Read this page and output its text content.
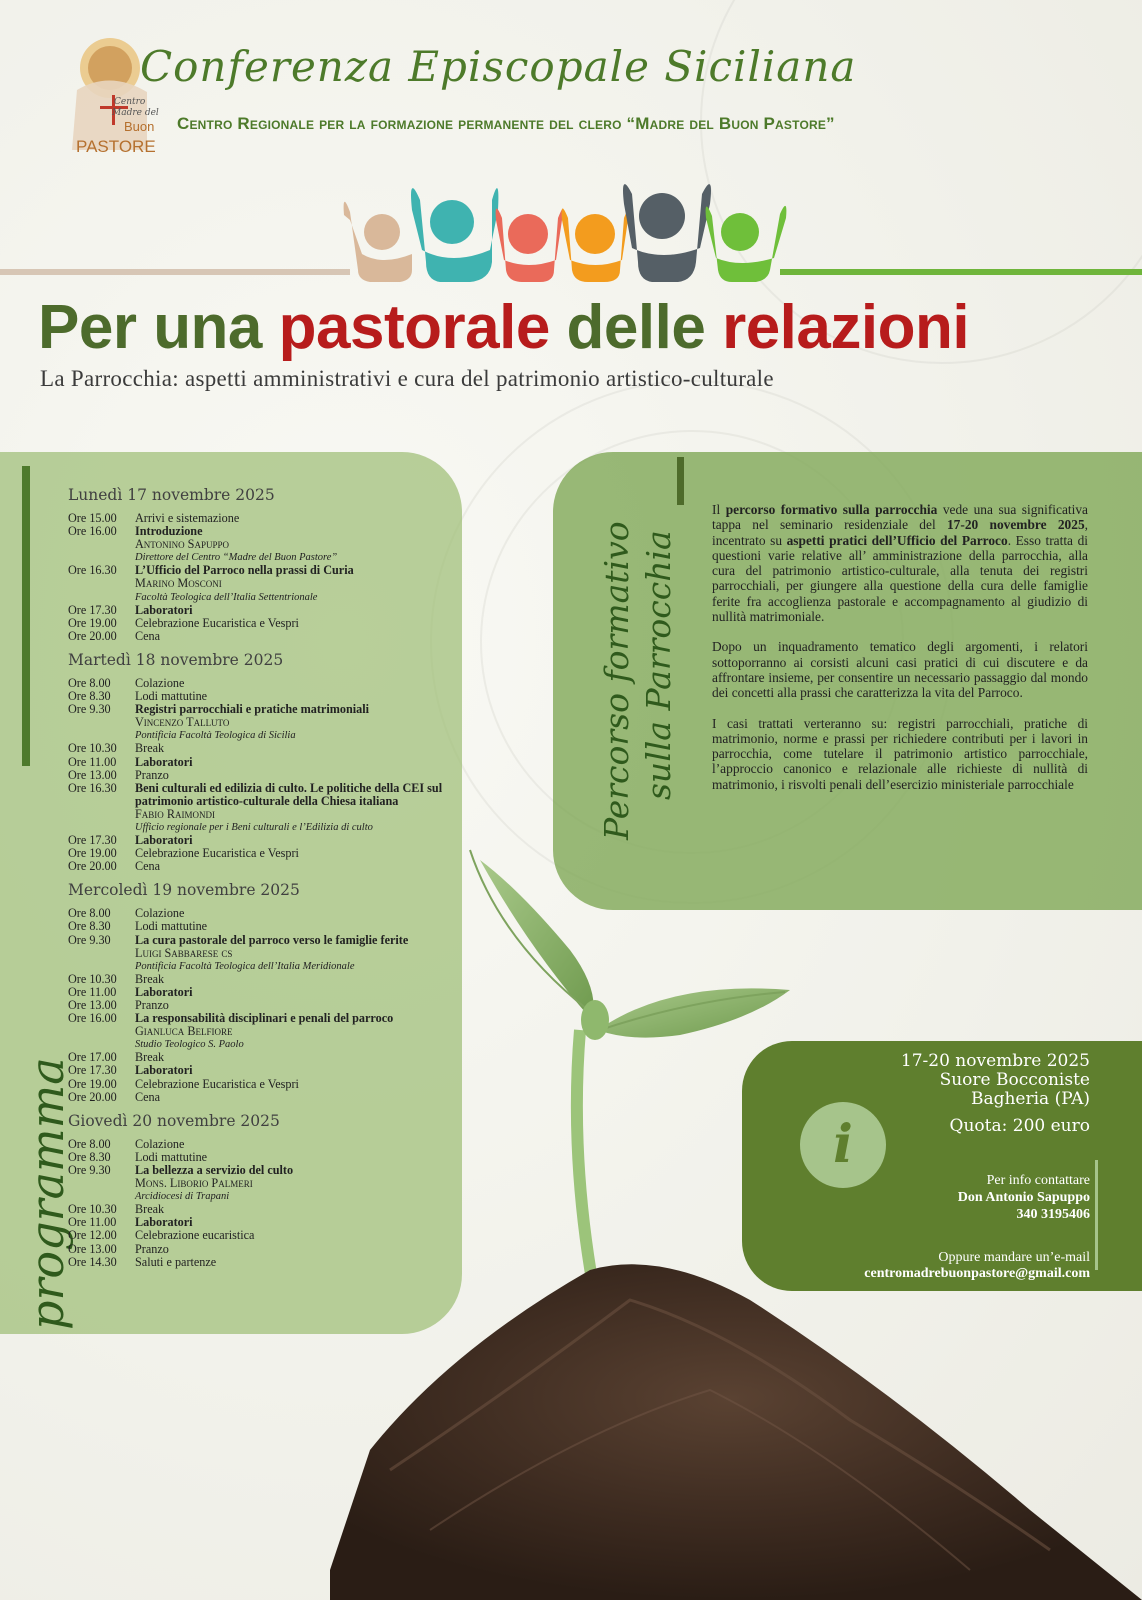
Centro
Madre del
Buon
PASTORE
Conferenza Episcopale Siciliana
Centro Regionale per la formazione permanente del clero “Madre del Buon Pastore”
Per una pastorale delle relazioni
La Parrocchia: aspetti amministrativi e cura del patrimonio artistico-culturale
programma
Lunedì 17 novembre 2025
Ore 15.00	Arrivi e sistemazione
Ore 16.00	Introduzione
Antonino Sapuppo
Direttore del Centro “Madre del Buon Pastore”
Ore 16.30	L’Ufficio del Parroco nella prassi di Curia
Marino Mosconi
Facoltà Teologica dell’Italia Settentrionale
Ore 17.30	Laboratori
Ore 19.00	Celebrazione Eucaristica e Vespri
Ore 20.00	Cena
Martedì 18 novembre 2025
Ore 8.00	Colazione
Ore 8.30	Lodi mattutine
Ore 9.30	Registri parrocchiali e pratiche matrimoniali
Vincenzo Talluto
Pontificia Facoltà Teologica di Sicilia
Ore 10.30	Break
Ore 11.00	Laboratori
Ore 13.00	Pranzo
Ore 16.30	Beni culturali ed edilizia di culto. Le politiche della CEI sul patrimonio artistico-culturale della Chiesa italiana
Fabio Raimondi
Ufficio regionale per i Beni culturali e l’Edilizia di culto
Ore 17.30	Laboratori
Ore 19.00	Celebrazione Eucaristica e Vespri
Ore 20.00	Cena
Mercoledì 19 novembre 2025
Ore 8.00	Colazione
Ore 8.30	Lodi mattutine
Ore 9.30	La cura pastorale del parroco verso le famiglie ferite
Luigi Sabbarese cs
Pontificia Facoltà Teologica dell’Italia Meridionale
Ore 10.30	Break
Ore 11.00	Laboratori
Ore 13.00	Pranzo
Ore 16.00	La responsabilità disciplinari e penali del parroco
Gianluca Belfiore
Studio Teologico S. Paolo
Ore 17.00	Break
Ore 17.30	Laboratori
Ore 19.00	Celebrazione Eucaristica e Vespri
Ore 20.00	Cena
Giovedì 20 novembre 2025
Ore 8.00	Colazione
Ore 8.30	Lodi mattutine
Ore 9.30	La bellezza a servizio del culto
Mons. Liborio Palmeri
Arcidiocesi di Trapani
Ore 10.30	Break
Ore 11.00	Laboratori
Ore 12.00	Celebrazione eucaristica
Ore 13.00	Pranzo
Ore 14.30	Saluti e partenze
Percorso formativo sulla Parrocchia

Il percorso formativo sulla parrocchia vede una sua significativa tappa nel seminario residenziale del 17-20 novembre 2025, incentrato su aspetti pratici dell’Ufficio del Parroco. Esso tratta di questioni varie relative all’ amministrazione della parrocchia, alla cura del patrimonio artistico-culturale, alla tenuta dei registri parrocchiali, per giungere alla questione della cura delle famiglie ferite fra accoglienza pastorale e accompagnamento al giudizio di nullità matrimoniale.

Dopo un inquadramento tematico degli argomenti, i relatori sottoporranno ai corsisti alcuni casi pratici di cui discutere e da affrontare insieme, per consentire un necessario passaggio dal mondo dei concetti alla prassi che caratterizza la vita del Parroco.

I casi trattati verteranno su: registri parrocchiali, pratiche di matrimonio, norme e prassi per richiedere contributi per i lavori in parrocchia, come tutelare il patrimonio artistico parrocchiale, l’approccio canonico e relazionale alle richieste di nullità di matrimonio, i risvolti penali dell’esercizio ministeriale parrocchiale

i
17-20 novembre 2025
Suore Bocconiste
Bagheria (PA)
Quota: 200 euro
Per info contattare
Don Antonio Sapuppo
340 3195406
Oppure mandare un’e-mail
centromadrebuonpastore@gmail.com
